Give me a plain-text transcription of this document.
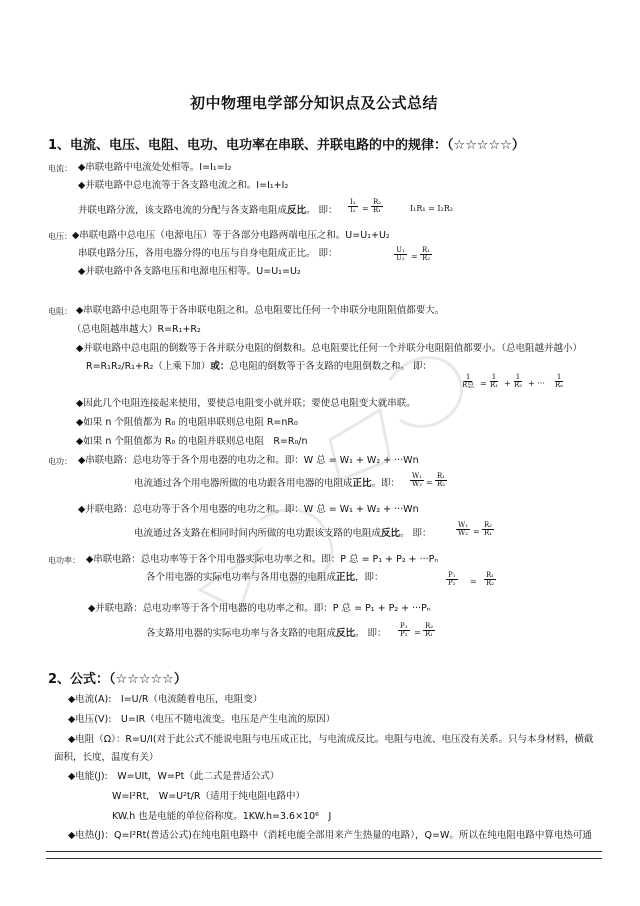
初中物理电学部分知识点及公式总结
1、电流、电压、电阻、电功、电功率在串联、并联电路的中的规律：（☆☆☆☆☆）
电流： ◆串联电路中电流处处相等。I=I₁=I₂
◆并联电路中总电流等于各支路电流之和。I=I₁+I₂
并联电路分流，该支路电流的分配与各支路电阻成反比。 即： $\frac{\text{I₁}}{\text{I₂}} = \frac{\text{R₂}}{\text{R₁}}$	I₁R₁ = I₂R₂
电压： ◆串联电路中总电压（电源电压）等于各部分电路两端电压之和。U=U₁+U₂
串联电路分压，各用电器分得的电压与自身电阻成正比。 即：	$\frac{\text{U₁}}{\text{U₂}} = \frac{\text{R₁}}{\text{R₂}}$
◆并联电路中各支路电压和电源电压相等。U=U₁=U₂
电阻： ◆串联电路中总电阻等于各串联电阻之和。总电阻要比任何一个串联分电阻阻值都要大。
（总电阻越串越大）R=R₁+R₂
◆并联电路中总电阻的倒数等于各并联分电阻的倒数和。总电阻要比任何一个并联分电阻阻值都要小。（总电阻越并越小）
R=R₁R₂/R₁+R₂（上乘下加）或：总电阻的倒数等于各支路的电阻倒数之和。 即：
1
R总 = $\frac{1}{\text{R₁}} + \frac{1}{\text{R₂}}$ + ··· $\frac{1}{\text{Rₙ}}$
◆因此几个电阻连接起来使用，要使总电阻变小就并联；要使总电阻变大就串联。
◆如果 n 个阻值都为 R₀ 的电阻串联则总电阻 R=nR₀
◆如果 n 个阻值都为 R₀ 的电阻并联则总电阻　R=R₀/n
电功： ◆串联电路：总电功等于各个用电器的电功之和。即：W 总 = W₁ + W₂ + ···Wn
电流通过各个用电器所做的电功跟各用电器的电阻成正比。即： $\frac{\text{W₁}}{\text{W₂}} = \frac{\text{R₁}}{\text{R₂}}$
◆并联电路：总电功等于各个用电器的电功之和。即：W 总 = W₁ + W₂ + ···Wn
电流通过各支路在相同时间内所做的电功跟该支路的电阻成反比。 即：	$\frac{\text{W₁}}{\text{W₂}} = \frac{\text{R₂}}{\text{R₁}}$
电功率： ◆串联电路：总电功率等于各个用电器实际电功率之和。即：P 总 = P₁ + P₂ + ···Pₙ
各个用电器的实际电功率与各用电器的电阻成正比，即：	$\frac{\text{P₁}}{\text{P₂}} = \frac{\text{R₁}}{\text{R₂}}$
◆并联电路：总电功率等于各个用电器的电功率之和。即：P 总 = P₁ + P₂ + ···Pₙ
各支路用电器的实际电功率与各支路的电阻成反比。 即： $\frac{\text{P₁}}{\text{P₂}} = \frac{\text{R₂}}{\text{R₁}}$
2、公式：（☆☆☆☆☆）
◆电流(A):　I=U/R（电流随着电压，电阻变）
◆电压(V):　U=IR（电压不随电流变。电压是产生电流的原因）
◆电阻（Ω）：R=U/I(对于此公式不能说电阻与电压成正比，与电流成反比。电阻与电流、电压没有关系。只与本身材料，横截
面积，长度，温度有关）
◆电能(J):　W=UIt，W=Pt（此二式是普适公式）
W=I²Rt,　W=U²t/R（适用于纯电阻电路中）
KW.h 也是电能的单位俗称度。1KW.h=3.6×10⁶　J
◆电热(J)：Q=I²Rt(普适公式)在纯电阻电路中（消耗电能全部用来产生热量的电路），Q=W。所以在纯电阻电路中算电热可通
